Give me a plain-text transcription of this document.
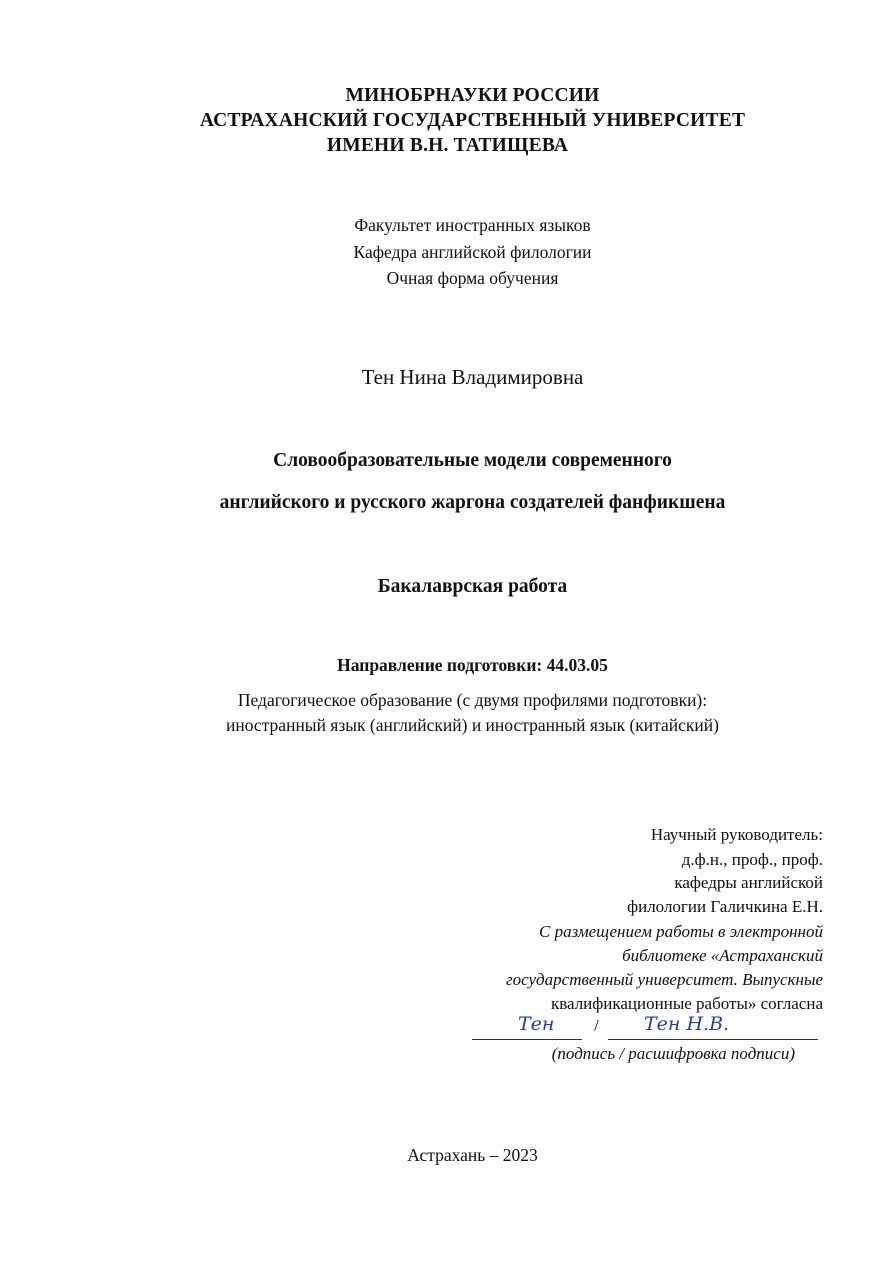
МИНОБРНАУКИ РОССИИ
АСТРАХАНСКИЙ ГОСУДАРСТВЕННЫЙ УНИВЕРСИТЕТ
ИМЕНИ В.Н. ТАТИЩЕВА
Факультет иностранных языков
Кафедра английской филологии
Очная форма обучения
Тен Нина Владимировна
Словообразовательные модели современного
английского и русского жаргона создателей фанфикшена
Бакалаврская работа
Направление подготовки: 44.03.05
Педагогическое образование (с двумя профилями подготовки):
иностранный язык (английский) и иностранный язык (китайский)
Научный руководитель:
д.ф.н., проф., проф.
кафедры английской
филологии Галичкина Е.Н.
С размещением работы в электронной
библиотеке «Астраханский
государственный университет. Выпускные
квалификационные работы» согласна
Тен / Тен Н.В.
(подпись / расшифровка подписи)
Астрахань – 2023
